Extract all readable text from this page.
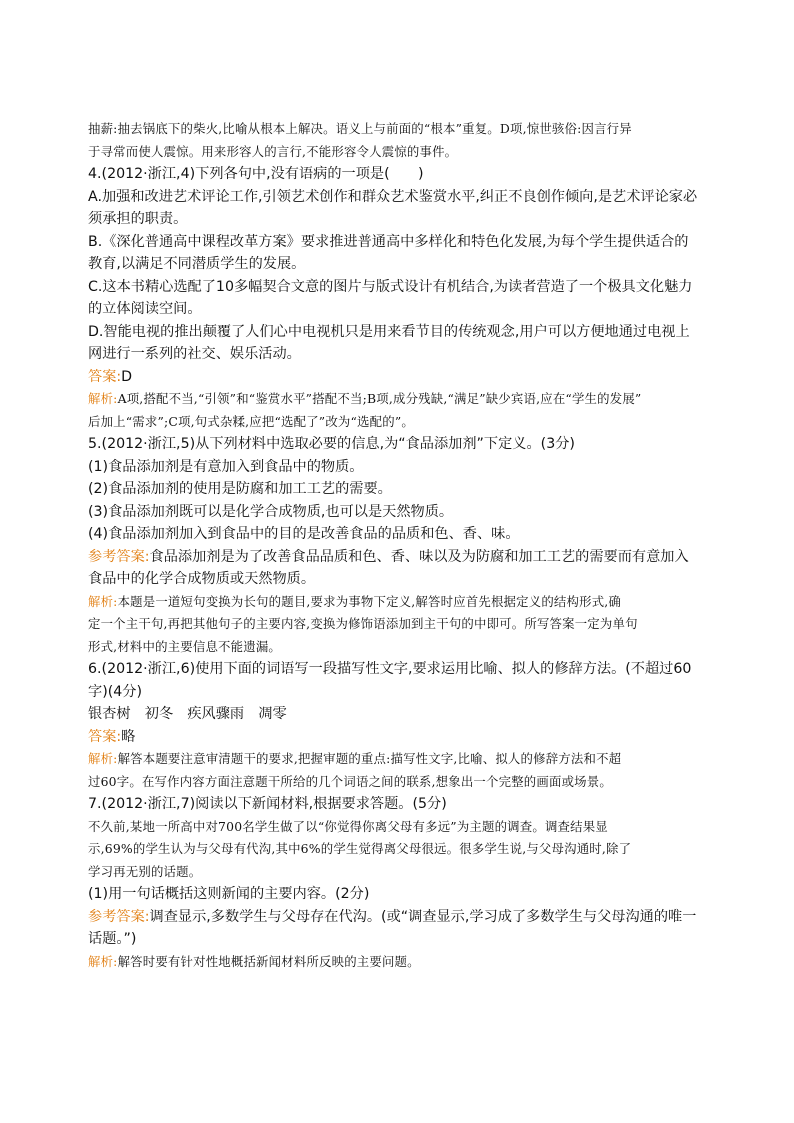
抽薪:抽去锅底下的柴火,比喻从根本上解决。语义上与前面的“根本”重复。D项,惊世骇俗:因言行异
于寻常而使人震惊。用来形容人的言行,不能形容令人震惊的事件。
4.(2012·浙江,4)下列各句中,没有语病的一项是(　　)
A.加强和改进艺术评论工作,引领艺术创作和群众艺术鉴赏水平,纠正不良创作倾向,是艺术评论家必
须承担的职责。
B.《深化普通高中课程改革方案》要求推进普通高中多样化和特色化发展,为每个学生提供适合的
教育,以满足不同潜质学生的发展。
C.这本书精心选配了10多幅契合文意的图片与版式设计有机结合,为读者营造了一个极具文化魅力
的立体阅读空间。
D.智能电视的推出颠覆了人们心中电视机只是用来看节目的传统观念,用户可以方便地通过电视上
网进行一系列的社交、娱乐活动。
答案:D
解析:A项,搭配不当,“引领”和“鉴赏水平”搭配不当;B项,成分残缺,“满足”缺少宾语,应在“学生的发展”
后加上“需求”;C项,句式杂糅,应把“选配了”改为“选配的”。
5.(2012·浙江,5)从下列材料中选取必要的信息,为“食品添加剂”下定义。(3分)
(1)食品添加剂是有意加入到食品中的物质。
(2)食品添加剂的使用是防腐和加工工艺的需要。
(3)食品添加剂既可以是化学合成物质,也可以是天然物质。
(4)食品添加剂加入到食品中的目的是改善食品的品质和色、香、味。
参考答案:食品添加剂是为了改善食品品质和色、香、味以及为防腐和加工工艺的需要而有意加入
食品中的化学合成物质或天然物质。
解析:本题是一道短句变换为长句的题目,要求为事物下定义,解答时应首先根据定义的结构形式,确
定一个主干句,再把其他句子的主要内容,变换为修饰语添加到主干句的中即可。所写答案一定为单句
形式,材料中的主要信息不能遗漏。
6.(2012·浙江,6)使用下面的词语写一段描写性文字,要求运用比喻、拟人的修辞方法。(不超过60
字)(4分)
银杏树　初冬　疾风骤雨　凋零
答案:略
解析:解答本题要注意审清题干的要求,把握审题的重点:描写性文字,比喻、拟人的修辞方法和不超
过60字。在写作内容方面注意题干所给的几个词语之间的联系,想象出一个完整的画面或场景。
7.(2012·浙江,7)阅读以下新闻材料,根据要求答题。(5分)
不久前,某地一所高中对700名学生做了以“你觉得你离父母有多远”为主题的调查。调查结果显
示,69%的学生认为与父母有代沟,其中6%的学生觉得离父母很远。很多学生说,与父母沟通时,除了
学习再无别的话题。
(1)用一句话概括这则新闻的主要内容。(2分)
参考答案:调查显示,多数学生与父母存在代沟。(或“调查显示,学习成了多数学生与父母沟通的唯一
话题。”)
解析:解答时要有针对性地概括新闻材料所反映的主要问题。
